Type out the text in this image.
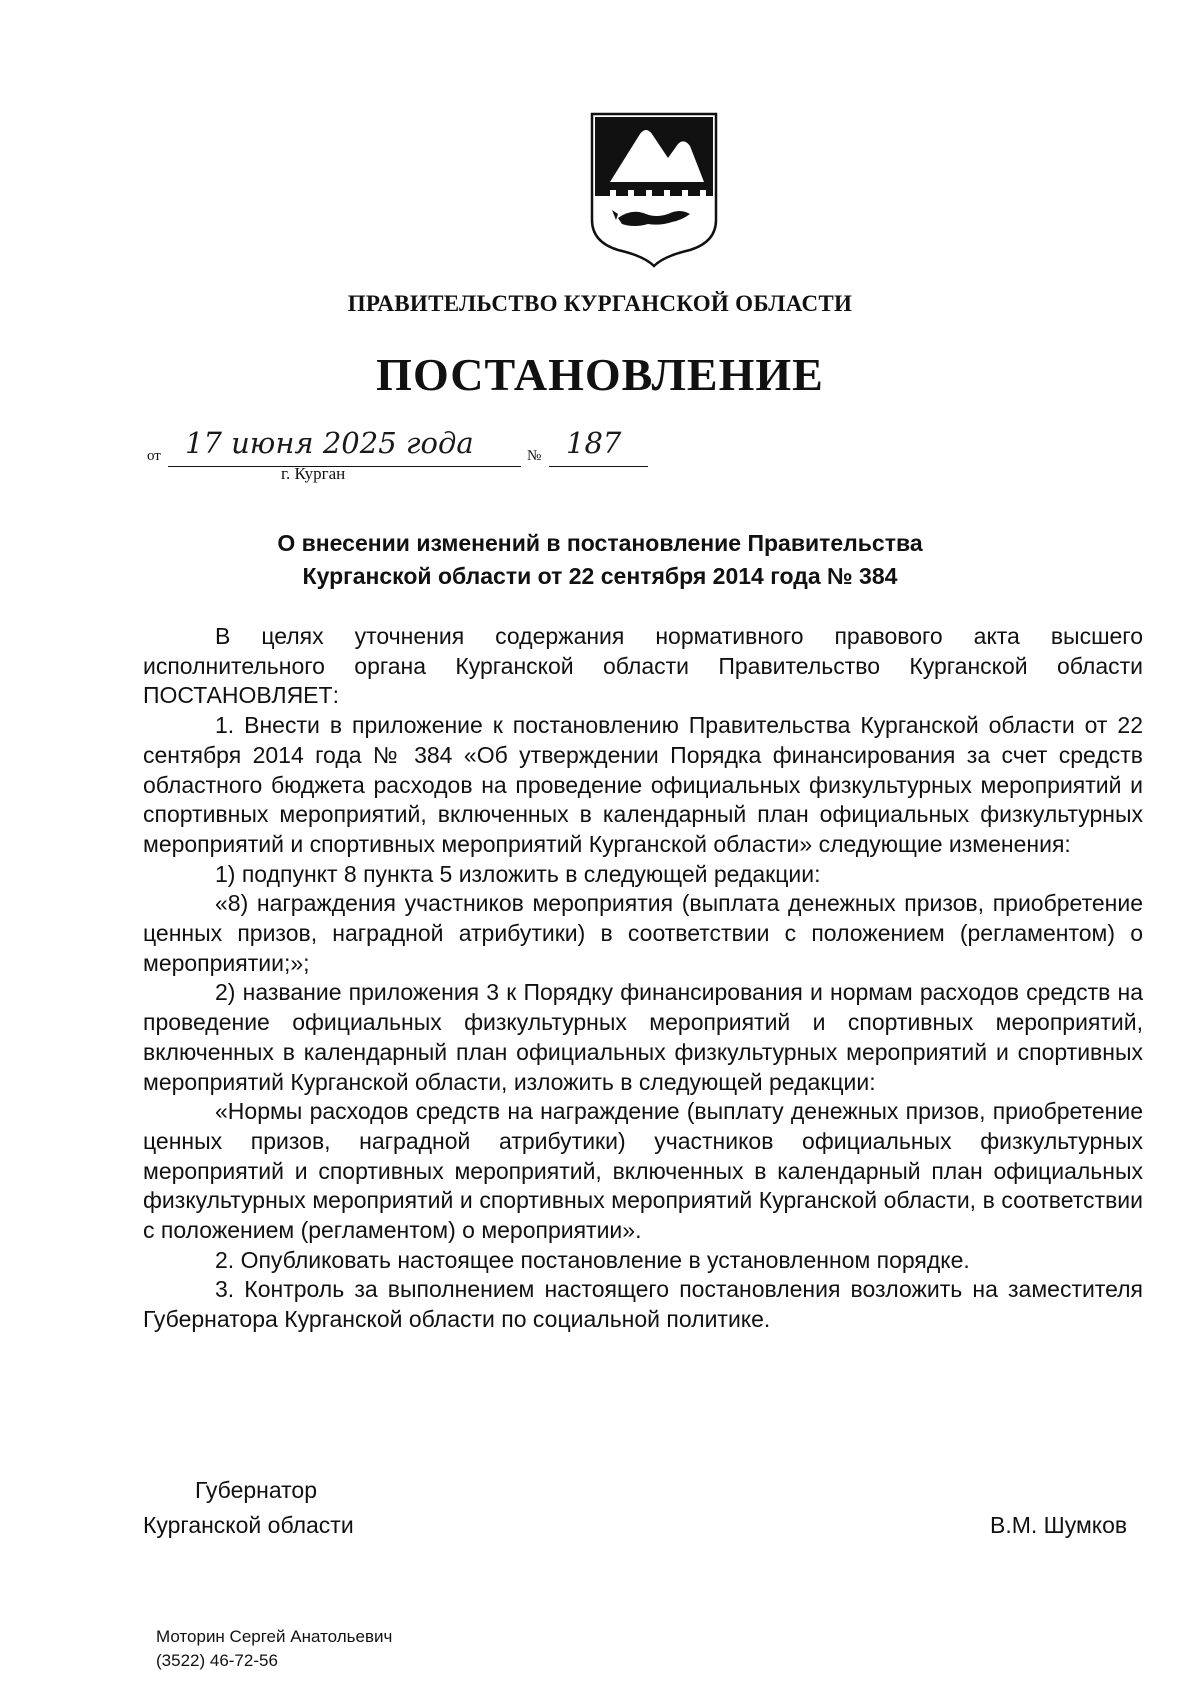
ПРАВИТЕЛЬСТВО КУРГАНСКОЙ ОБЛАСТИ
ПОСТАНОВЛЕНИЕ
от 17 июня 2025 года	№ 187
г. Курган
О внесении изменений в постановление Правительства
Курганской области от 22 сентября 2014 года № 384

В целях уточнения содержания нормативного правового акта высшего исполнительного органа Курганской области Правительство Курганской области ПОСТАНОВЛЯЕТ:

1. Внести в приложение к постановлению Правительства Курганской области от 22 сентября 2014 года № 384 «Об утверждении Порядка финансирования за счет средств областного бюджета расходов на проведение официальных физкультурных мероприятий и спортивных мероприятий, включенных в календарный план официальных физкультурных мероприятий и спортивных мероприятий Курганской области» следующие изменения:

1) подпункт 8 пункта 5 изложить в следующей редакции:

«8) награждения участников мероприятия (выплата денежных призов, приобретение ценных призов, наградной атрибутики) в соответствии с положением (регламентом) о мероприятии;»;

2) название приложения 3 к Порядку финансирования и нормам расходов средств на проведение официальных физкультурных мероприятий и спортивных мероприятий, включенных в календарный план официальных физкультурных мероприятий и спортивных мероприятий Курганской области, изложить в следующей редакции:

«Нормы расходов средств на награждение (выплату денежных призов, приобретение ценных призов, наградной атрибутики) участников официальных физкультурных мероприятий и спортивных мероприятий, включенных в календарный план официальных физкультурных мероприятий и спортивных мероприятий Курганской области, в соответствии с положением (регламентом) о мероприятии».

2. Опубликовать настоящее постановление в установленном порядке.

3. Контроль за выполнением настоящего постановления возложить на заместителя Губернатора Курганской области по социальной политике.

Губернатор
Курганской области	В.М. Шумков
Моторин Сергей Анатольевич
(3522) 46-72-56
